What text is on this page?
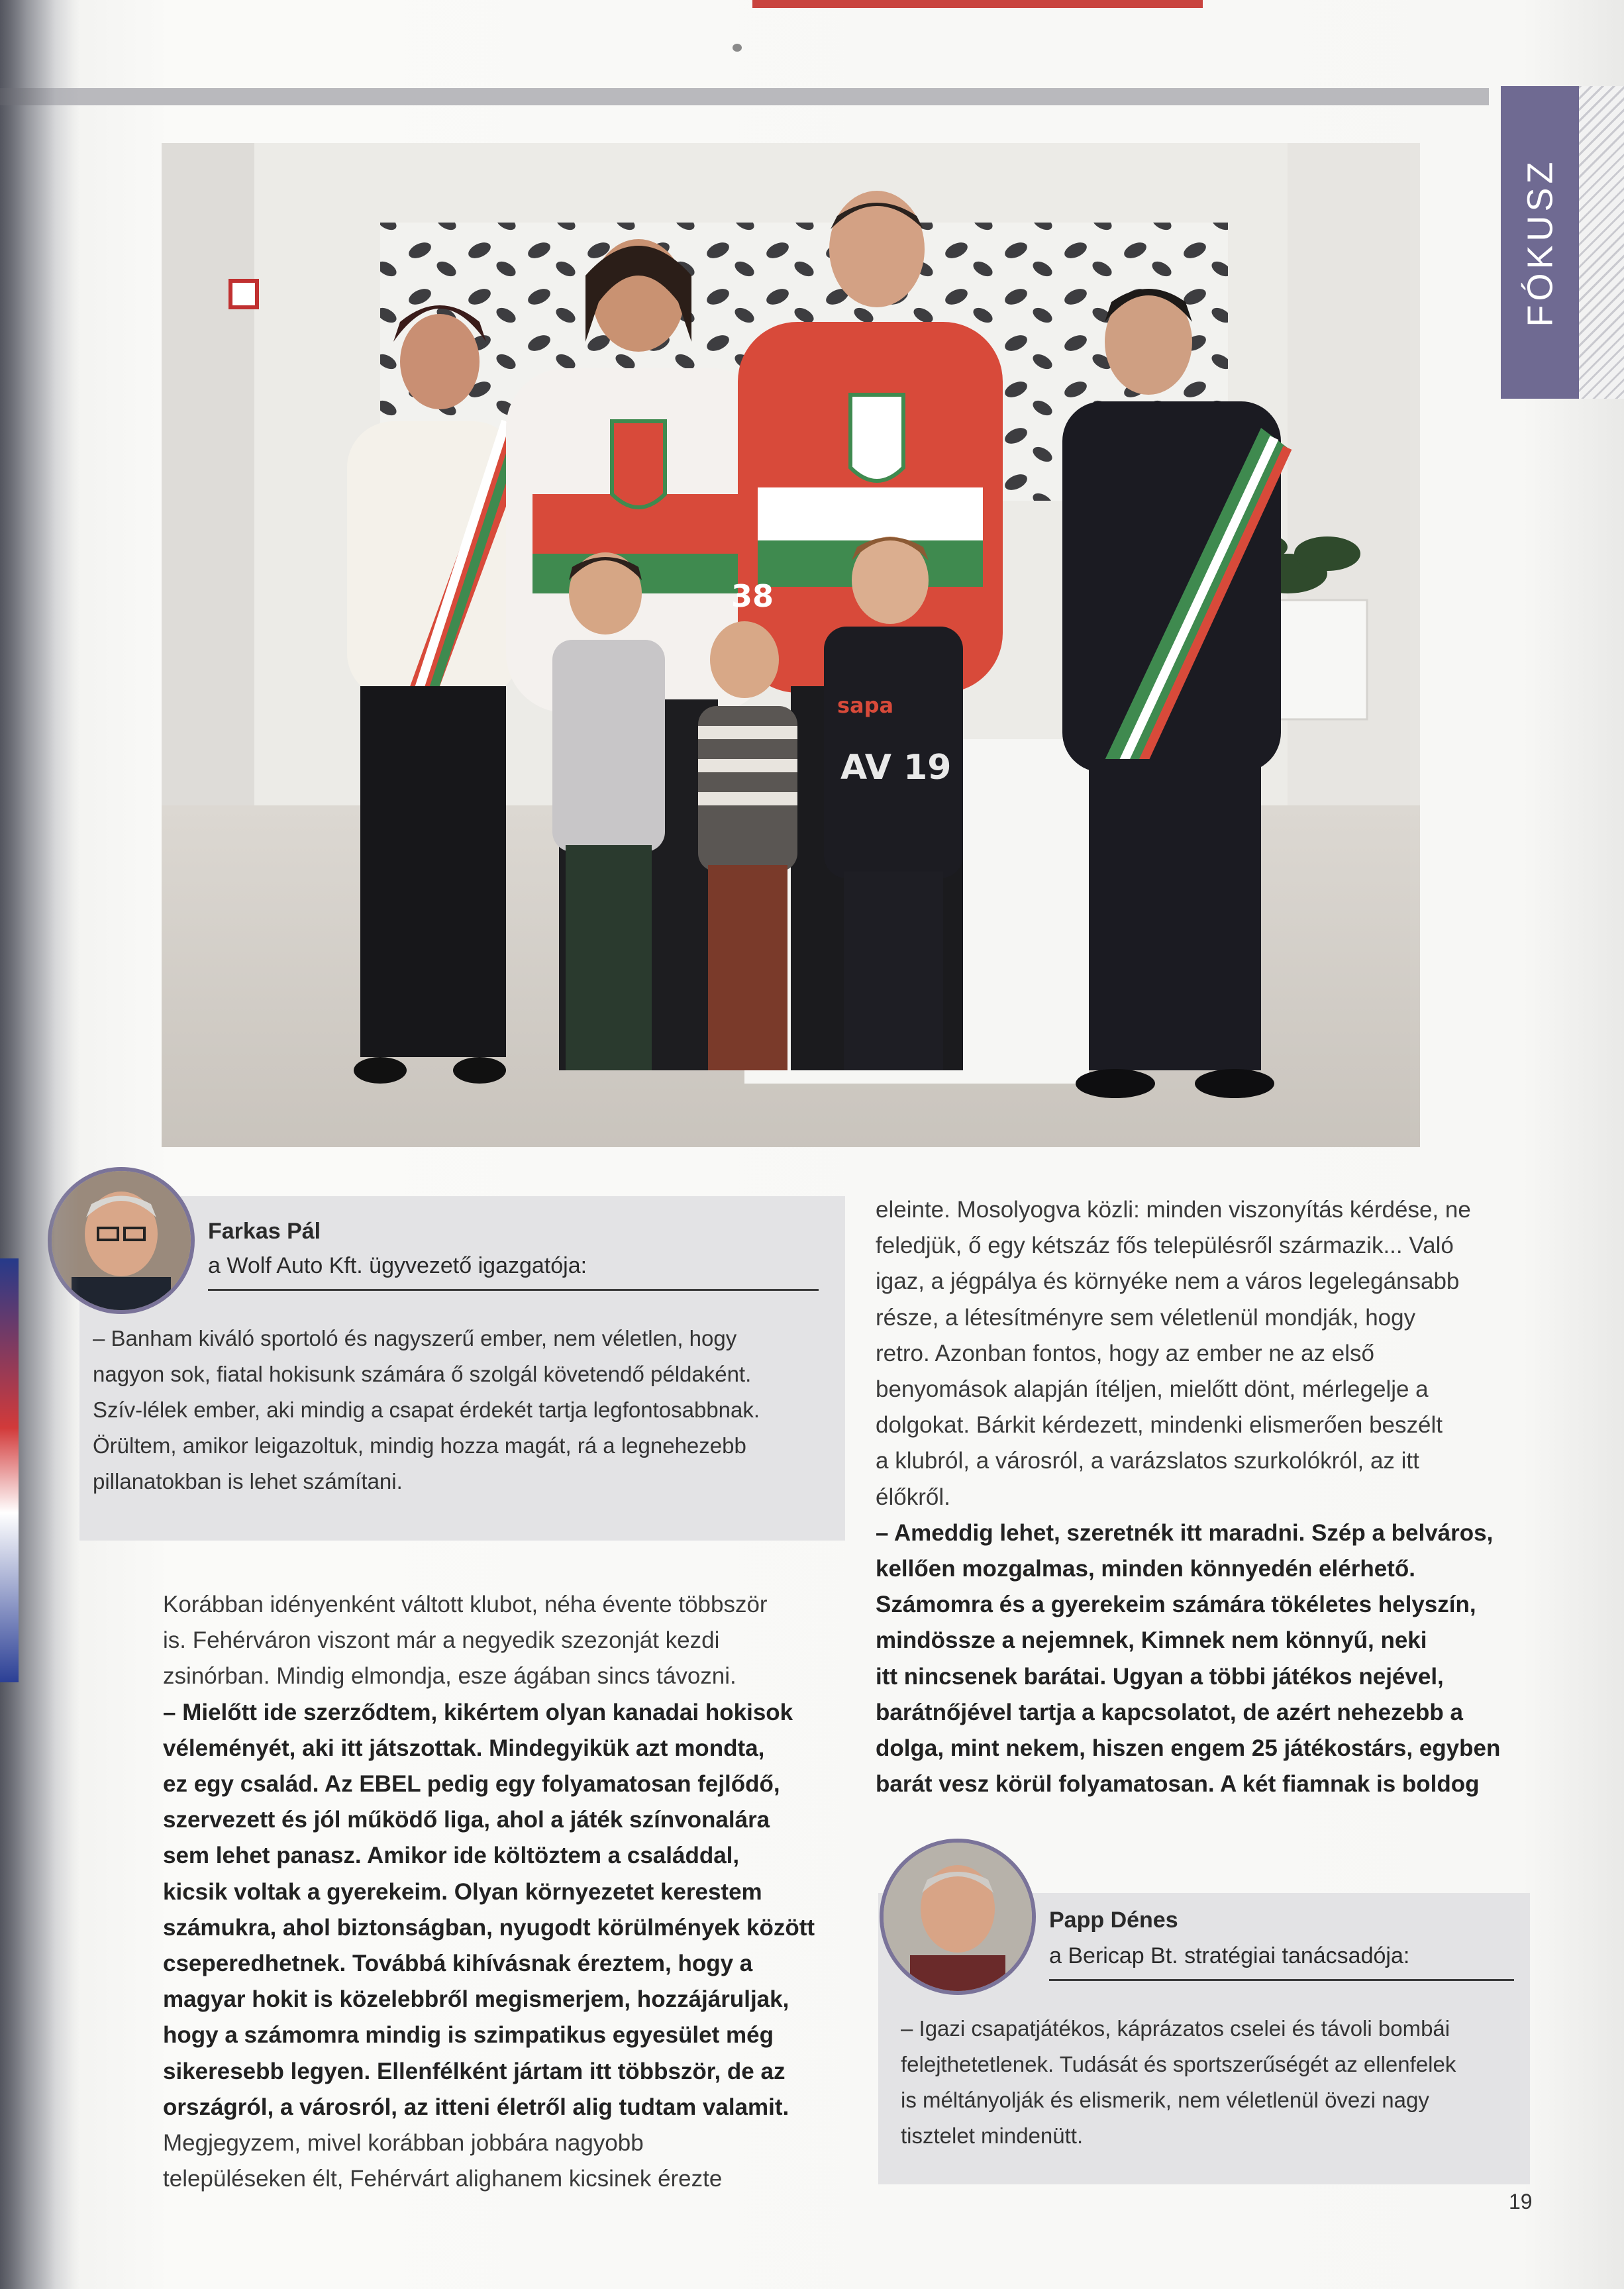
FÓKUSZ
AV 19
sapa
38
Farkas Pál
a Wolf Auto Kft. ügyvezető igazgatója:
– Banham kiváló sportoló és nagyszerű ember, nem véletlen, hogy
nagyon sok, fiatal hokisunk számára ő szolgál követendő példaként.
Szív-lélek ember, aki mindig a csapat érdekét tartja legfontosabbnak.
Örültem, amikor leigazoltuk, mindig hozza magát, rá a legnehezebb
pillanatokban is lehet számítani.
Korábban idényenként váltott klubot, néha évente többször
is. Fehérváron viszont már a negyedik szezonját kezdi
zsinórban. Mindig elmondja, esze ágában sincs távozni.
– Mielőtt ide szerződtem, kikértem olyan kanadai hokisok
véleményét, aki itt játszottak. Mindegyikük azt mondta,
ez egy család. Az EBEL pedig egy folyamatosan fejlődő,
szervezett és jól működő liga, ahol a játék színvonalára
sem lehet panasz. Amikor ide költöztem a családdal,
kicsik voltak a gyerekeim. Olyan környezetet kerestem
számukra, ahol biztonságban, nyugodt körülmények között
cseperedhetnek. Továbbá kihívásnak éreztem, hogy a
magyar hokit is közelebbről megismerjem, hozzájáruljak,
hogy a számomra mindig is szimpatikus egyesület még
sikeresebb legyen. Ellenfélként jártam itt többször, de az
országról, a városról, az itteni életről alig tudtam valamit.
Megjegyzem, mivel korábban jobbára nagyobb
településeken élt, Fehérvárt alighanem kicsinek érezte
eleinte. Mosolyogva közli: minden viszonyítás kérdése, ne
feledjük, ő egy kétszáz fős településről származik... Való
igaz, a jégpálya és környéke nem a város legelegánsabb
része, a létesítményre sem véletlenül mondják, hogy
retro. Azonban fontos, hogy az ember ne az első
benyomások alapján ítéljen, mielőtt dönt, mérlegelje a
dolgokat. Bárkit kérdezett, mindenki elismerően beszélt
a klubról, a városról, a varázslatos szurkolókról, az itt
élőkről.
– Ameddig lehet, szeretnék itt maradni. Szép a belváros,
kellően mozgalmas, minden könnyedén elérhető.
Számomra és a gyerekeim számára tökéletes helyszín,
mindössze a nejemnek, Kimnek nem könnyű, neki
itt nincsenek barátai. Ugyan a többi játékos nejével,
barátnőjével tartja a kapcsolatot, de azért nehezebb a
dolga, mint nekem, hiszen engem 25 játékostárs, egyben
barát vesz körül folyamatosan. A két fiamnak is boldog
Papp Dénes
a Bericap Bt. stratégiai tanácsadója:
– Igazi csapatjátékos, káprázatos cselei és távoli bombái
felejthetetlenek. Tudását és sportszerűségét az ellenfelek
is méltányolják és elismerik, nem véletlenül övezi nagy
tisztelet mindenütt.
19
